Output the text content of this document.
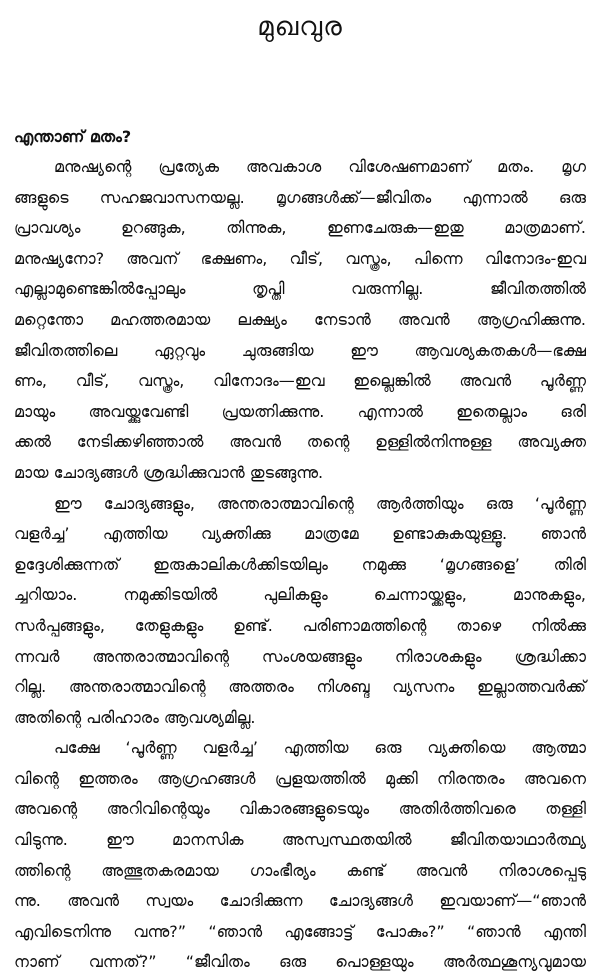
മുഖവുര
എന്താണ് മതം?
മനുഷ്യന്റെ പ്രത്യേക അവകാശ വിശേഷണമാണ് മതം. മൃഗ
ങ്ങളുടെ സഹജവാസനയല്ല. മൃഗങ്ങൾക്ക്—ജീവിതം എന്നാൽ ഒരു
പ്രാവശ്യം ഉറങ്ങുക, തിന്നുക, ഇണചേരുക—ഇതു മാത്രമാണ്.
മനുഷ്യനോ? അവന് ഭക്ഷണം, വീട്, വസ്ത്രം, പിന്നെ വിനോദം-ഇവ
എല്ലാമുണ്ടെങ്കിൽപ്പോലും തൃപ്തി വരുന്നില്ല. ജീവിതത്തിൽ
മറ്റെന്തോ മഹത്തരമായ ലക്ഷ്യം നേടാൻ അവൻ ആഗ്രഹിക്കുന്നു.
ജീവിതത്തിലെ ഏറ്റവും ചുരുങ്ങിയ ഈ ആവശ്യകതകൾ—ഭക്ഷ
ണം, വീട്, വസ്ത്രം, വിനോദം—ഇവ ഇല്ലെങ്കിൽ അവൻ പൂർണ്ണ
മായും അവയ്ക്കുവേണ്ടി പ്രയത്നിക്കുന്നു. എന്നാൽ ഇതെല്ലാം ഒരി
ക്കൽ നേടിക്കഴിഞ്ഞാൽ അവൻ തന്റെ ഉള്ളിൽനിന്നുള്ള അവ്യക്ത
മായ ചോദ്യങ്ങൾ ശ്രദ്ധിക്കുവാൻ തുടങ്ങുന്നു.
ഈ ചോദ്യങ്ങളും, അന്തരാത്മാവിന്റെ ആർത്തിയും ഒരു ‘പൂർണ്ണ
വളർച്ച’ എത്തിയ വ്യക്തിക്കു മാത്രമേ ഉണ്ടാകുകയുള്ളൂ. ഞാൻ
ഉദ്ദേശിക്കുന്നത് ഇരുകാലികൾക്കിടയിലും നമുക്കു ‘മൃഗങ്ങളെ’ തിരി
ച്ചറിയാം. നമുക്കിടയിൽ പുലികളും ചെന്നായ്ക്കളും, മാനുകളും,
സർപ്പങ്ങളും, തേളുകളും ഉണ്ട്. പരിണാമത്തിന്റെ താഴെ നിൽക്കു
ന്നവർ അന്തരാത്മാവിന്റെ സംശയങ്ങളും നിരാശകളും ശ്രദ്ധിക്കാ
റില്ല. അന്തരാത്മാവിന്റെ അത്തരം നിശബ്ദ വ്യസനം ഇല്ലാത്തവർക്ക്
അതിന്റെ പരിഹാരം ആവശ്യമില്ല.
പക്ഷേ ‘പൂർണ്ണ വളർച്ച’ എത്തിയ ഒരു വ്യക്തിയെ ആത്മാ
വിന്റെ ഇത്തരം ആഗ്രഹങ്ങൾ പ്രളയത്തിൽ മുക്കി നിരന്തരം അവനെ
അവന്റെ അറിവിന്റെയും വികാരങ്ങളുടെയും അതിർത്തിവരെ തള്ളി
വിടുന്നു. ഈ മാനസിക അസ്വസ്ഥതയിൽ ജീവിതയാഥാർത്ഥ്യ
ത്തിന്റെ അത്ഭുതകരമായ ഗാംഭീര്യം കണ്ട് അവൻ നിരാശപ്പെടു
ന്നു. അവൻ സ്വയം ചോദിക്കുന്ന ചോദ്യങ്ങൾ ഇവയാണ്—“ഞാൻ
എവിടെനിന്നു വന്നു?” “ഞാൻ എങ്ങോട്ട് പോകും?” “ഞാൻ എന്തി
നാണ് വന്നത്?” “ജീവിതം ഒരു പൊള്ളയും അർത്ഥശൂന്യവുമായ
